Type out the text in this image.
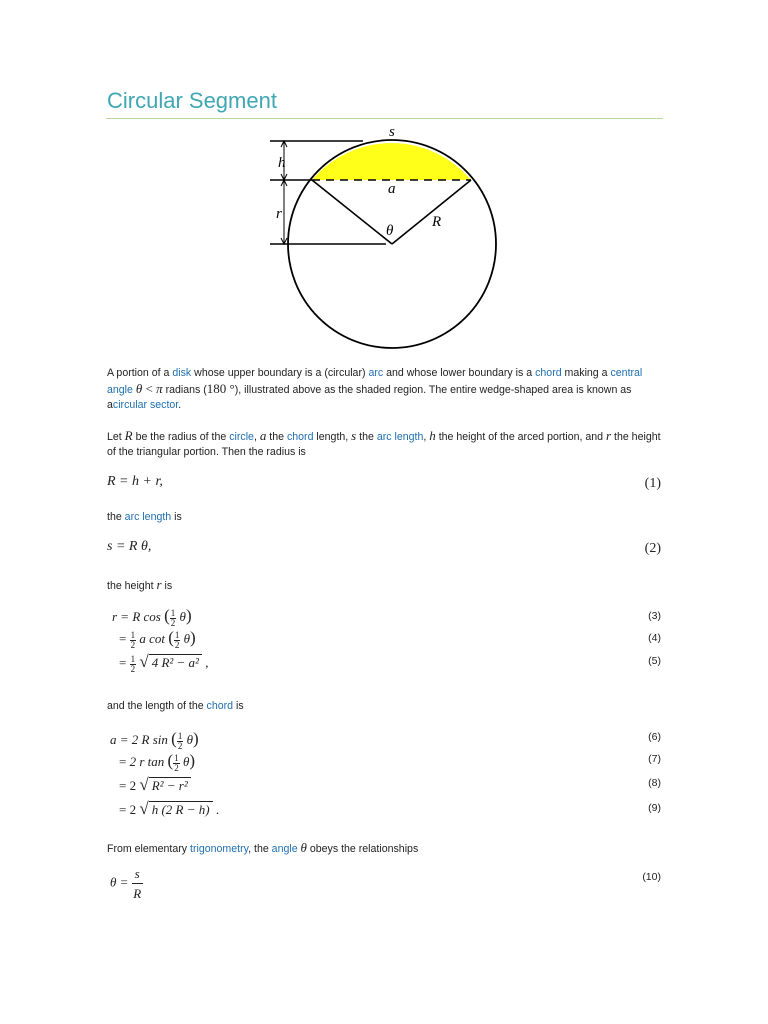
Circular Segment
s
h
a
r	R
θ

A portion of a disk whose upper boundary is a (circular) arc and whose lower boundary is a chord making a central angle θ < π radians (180 °), illustrated above as the shaded region. The entire wedge-shaped area is known as acircular sector.

Let R be the radius of the circle, a the chord length, s the arc length, h the height of the arced portion, and r the height of the triangular portion. Then the radius is

R = h + r,	(1)

the arc length is

s = R θ,	(2)

the height r is

r = R cos ( $\frac{1}{2} \theta$)	(3)
= $\frac{1}{2}$ a cot ( $\frac{1}{2} \theta$)	(4)
= $\frac{1}{2}$ √ 4 R² − a² ,	(5)

and the length of the chord is

a = 2 R sin ( $\frac{1}{2} \theta$)	(6)
= 2 r tan ( $\frac{1}{2} \theta$)	(7)
= 2 √ R² − r²	(8)
= 2 √ h (2 R − h) .	(9)

From elementary trigonometry, the angle θ obeys the relationships

$\theta = \frac{s}{R}$	(10)
